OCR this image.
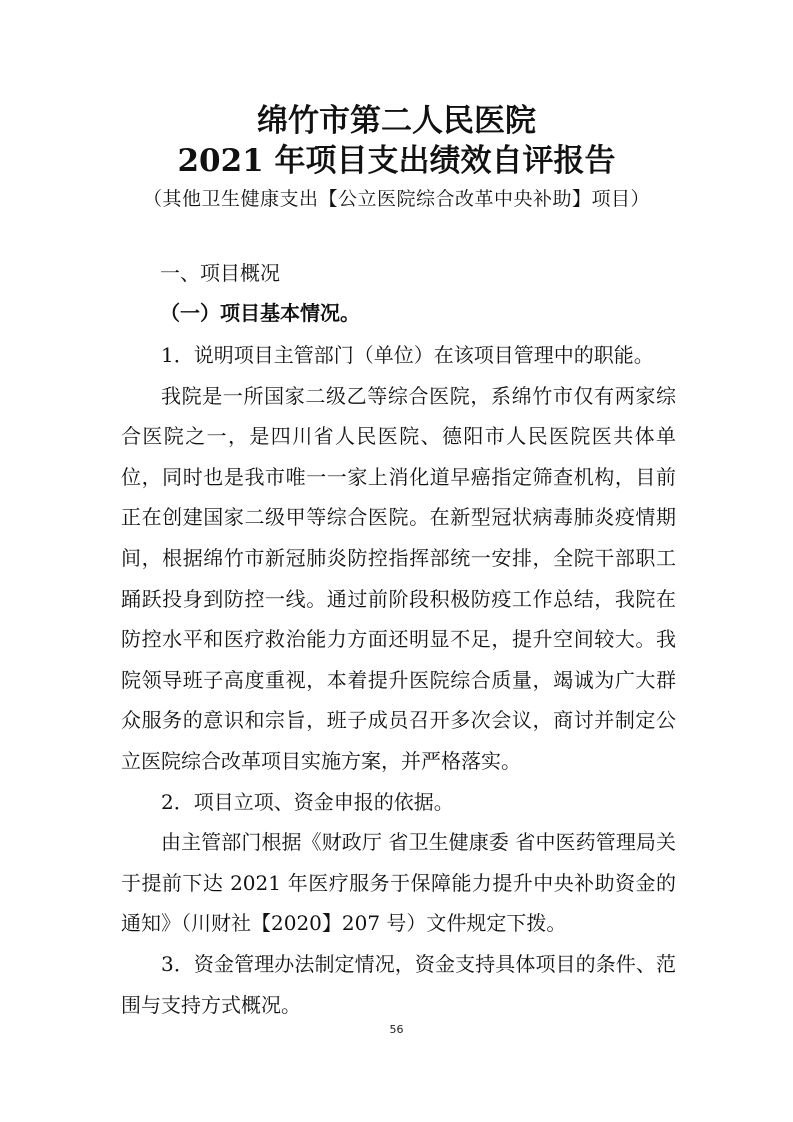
绵竹市第二人民医院
2021 年项目支出绩效自评报告
（其他卫生健康支出【公立医院综合改革中央补助】项目）
一、项目概况
（一）项目基本情况。

1．说明项目主管部门（单位）在该项目管理中的职能。

我院是一所国家二级乙等综合医院，系绵竹市仅有两家综合医院之一，是四川省人民医院、德阳市人民医院医共体单位，同时也是我市唯一一家上消化道早癌指定筛查机构，目前正在创建国家二级甲等综合医院。在新型冠状病毒肺炎疫情期间，根据绵竹市新冠肺炎防控指挥部统一安排，全院干部职工踊跃投身到防控一线。通过前阶段积极防疫工作总结，我院在防控水平和医疗救治能力方面还明显不足，提升空间较大。我院领导班子高度重视，本着提升医院综合质量，竭诚为广大群众服务的意识和宗旨，班子成员召开多次会议，商讨并制定公立医院综合改革项目实施方案，并严格落实。

2．项目立项、资金申报的依据。

由主管部门根据《财政厅 省卫生健康委 省中医药管理局关于提前下达 2021 年医疗服务于保障能力提升中央补助资金的通知》（川财社【2020】207 号）文件规定下拨。

3．资金管理办法制定情况，资金支持具体项目的条件、范围与支持方式概况。

56
